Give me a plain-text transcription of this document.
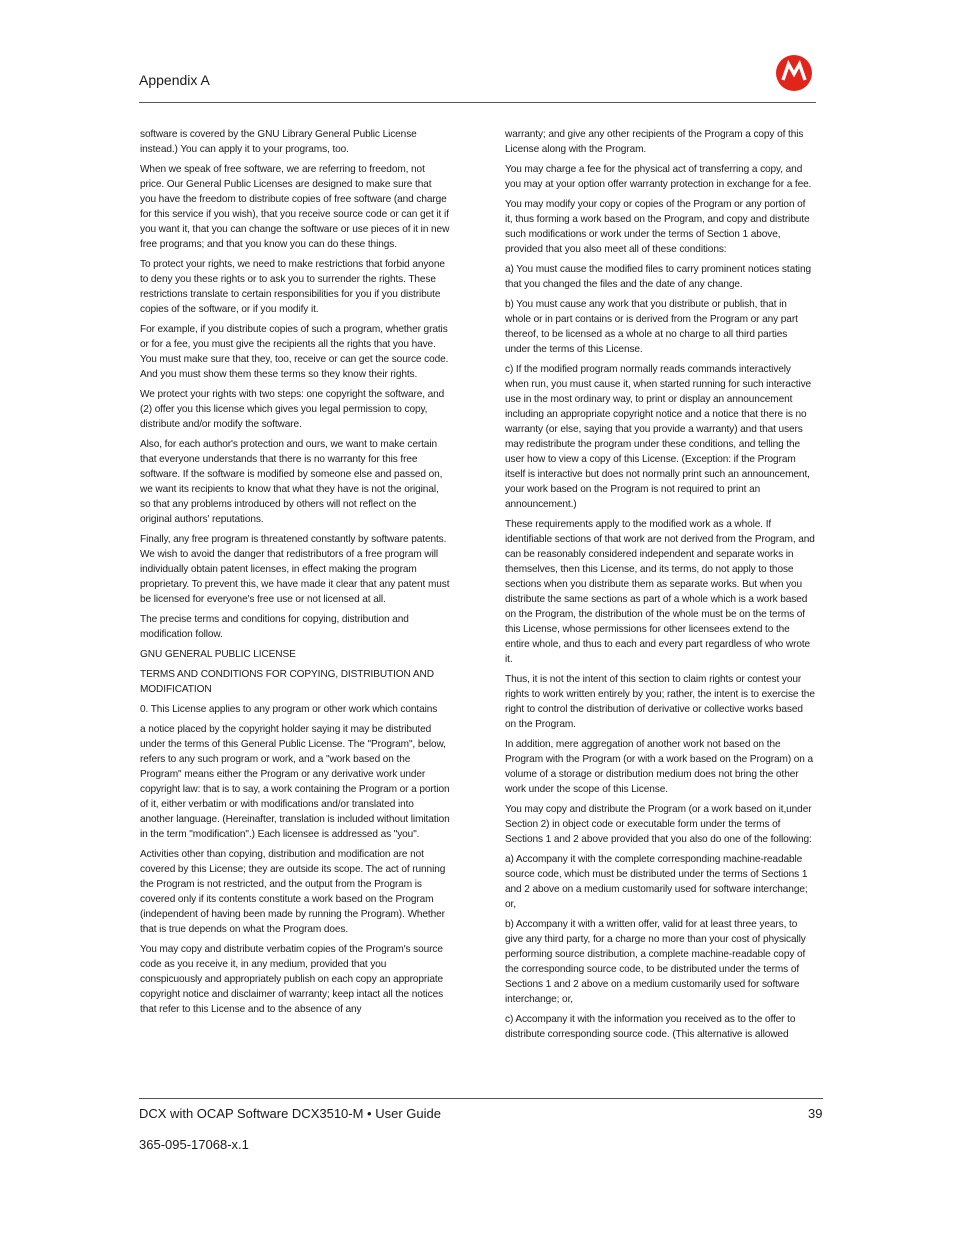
Appendix A

software is covered by the GNU Library General Public License instead.) You can apply it to your programs, too.

When we speak of free software, we are referring to freedom, not price. Our General Public Licenses are designed to make sure that you have the freedom to distribute copies of free software (and charge for this service if you wish), that you receive source code or can get it if you want it, that you can change the software or use pieces of it in new free programs; and that you know you can do these things.

To protect your rights, we need to make restrictions that forbid anyone to deny you these rights or to ask you to surrender the rights. These restrictions translate to certain responsibilities for you if you distribute copies of the software, or if you modify it.

For example, if you distribute copies of such a program, whether gratis or for a fee, you must give the recipients all the rights that you have. You must make sure that they, too, receive or can get the source code. And you must show them these terms so they know their rights.

We protect your rights with two steps: one copyright the software, and (2) offer you this license which gives you legal permission to copy, distribute and/or modify the software.

Also, for each author's protection and ours, we want to make certain that everyone understands that there is no warranty for this free software. If the software is modified by someone else and passed on, we want its recipients to know that what they have is not the original, so that any problems introduced by others will not reflect on the original authors' reputations.

Finally, any free program is threatened constantly by software patents. We wish to avoid the danger that redistributors of a free program will individually obtain patent licenses, in effect making the program proprietary. To prevent this, we have made it clear that any patent must be licensed for everyone's free use or not licensed at all.

The precise terms and conditions for copying, distribution and modification follow.

GNU GENERAL PUBLIC LICENSE

TERMS AND CONDITIONS FOR COPYING, DISTRIBUTION AND MODIFICATION

0. This License applies to any program or other work which contains

a notice placed by the copyright holder saying it may be distributed under the terms of this General Public License. The "Program", below, refers to any such program or work, and a "work based on the Program" means either the Program or any derivative work under copyright law: that is to say, a work containing the Program or a portion of it, either verbatim or with modifications and/or translated into another language. (Hereinafter, translation is included without limitation in the term "modification".) Each licensee is addressed as "you".

Activities other than copying, distribution and modification are not covered by this License; they are outside its scope. The act of running the Program is not restricted, and the output from the Program is covered only if its contents constitute a work based on the Program (independent of having been made by running the Program). Whether that is true depends on what the Program does.

You may copy and distribute verbatim copies of the Program's source code as you receive it, in any medium, provided that you conspicuously and appropriately publish on each copy an appropriate copyright notice and disclaimer of warranty; keep intact all the notices that refer to this License and to the absence of any

warranty; and give any other recipients of the Program a copy of this License along with the Program.

You may charge a fee for the physical act of transferring a copy, and you may at your option offer warranty protection in exchange for a fee.

You may modify your copy or copies of the Program or any portion of it, thus forming a work based on the Program, and copy and distribute such modifications or work under the terms of Section 1 above, provided that you also meet all of these conditions:

a) You must cause the modified files to carry prominent notices stating that you changed the files and the date of any change.

b) You must cause any work that you distribute or publish, that in whole or in part contains or is derived from the Program or any part thereof, to be licensed as a whole at no charge to all third parties under the terms of this License.

c) If the modified program normally reads commands interactively when run, you must cause it, when started running for such interactive use in the most ordinary way, to print or display an announcement including an appropriate copyright notice and a notice that there is no warranty (or else, saying that you provide a warranty) and that users may redistribute the program under these conditions, and telling the user how to view a copy of this License. (Exception: if the Program itself is interactive but does not normally print such an announcement, your work based on the Program is not required to print an announcement.)

These requirements apply to the modified work as a whole. If identifiable sections of that work are not derived from the Program, and can be reasonably considered independent and separate works in themselves, then this License, and its terms, do not apply to those sections when you distribute them as separate works. But when you distribute the same sections as part of a whole which is a work based on the Program, the distribution of the whole must be on the terms of this License, whose permissions for other licensees extend to the entire whole, and thus to each and every part regardless of who wrote it.

Thus, it is not the intent of this section to claim rights or contest your rights to work written entirely by you; rather, the intent is to exercise the right to control the distribution of derivative or collective works based on the Program.

In addition, mere aggregation of another work not based on the Program with the Program (or with a work based on the Program) on a volume of a storage or distribution medium does not bring the other work under the scope of this License.

You may copy and distribute the Program (or a work based on it,under Section 2) in object code or executable form under the terms of Sections 1 and 2 above provided that you also do one of the following:

a) Accompany it with the complete corresponding machine-readable source code, which must be distributed under the terms of Sections 1 and 2 above on a medium customarily used for software interchange; or,

b) Accompany it with a written offer, valid for at least three years, to give any third party, for a charge no more than your cost of physically performing source distribution, a complete machine-readable copy of the corresponding source code, to be distributed under the terms of Sections 1 and 2 above on a medium customarily used for software interchange; or,

c) Accompany it with the information you received as to the offer to distribute corresponding source code. (This alternative is allowed

DCX with OCAP Software DCX3510-M • User Guide	39
365-095-17068-x.1
